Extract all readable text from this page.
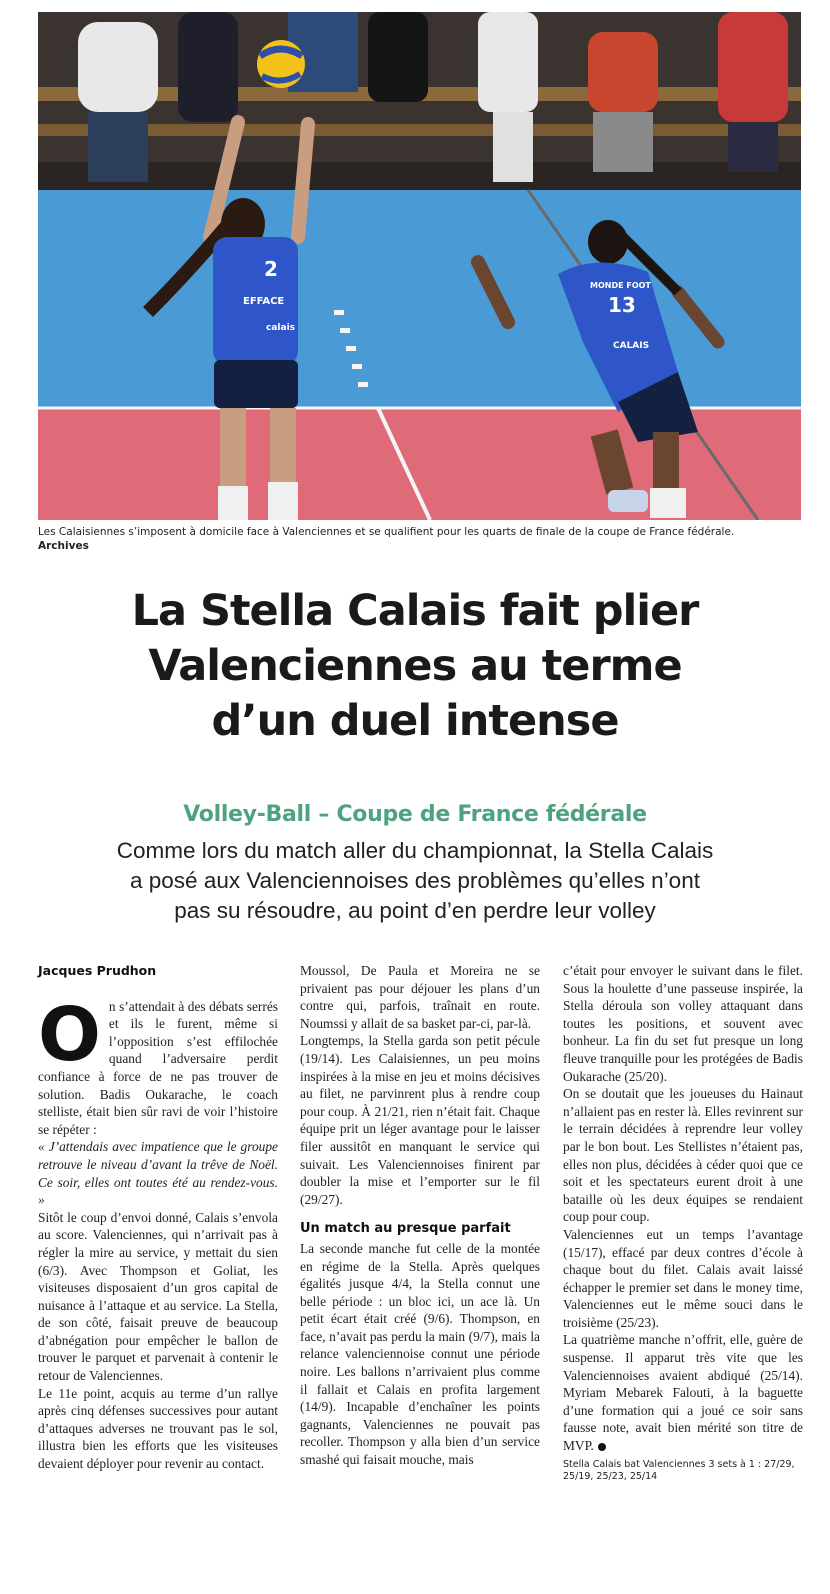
2
EFFACE
calais
MONDE FOOT
13
CALAIS
Les Calaisiennes s’imposent à domicile face à Valenciennes et se qualifient pour les quarts de finale de la coupe de France fédérale.
Archives
La Stella Calais fait plier
Valenciennes au terme
d’un duel intense
Volley-Ball – Coupe de France fédérale
Comme lors du match aller du championnat, la Stella Calais
a posé aux Valenciennoises des problèmes qu’elles n’ont
pas su résoudre, au point d’en perdre leur volley

Jacques Prudhon

On s’attendait à des débats serrés et ils le furent, même si l’opposition s’est effilochée quand l’adversaire perdit confiance à force de ne pas trouver de solution. Badis Oukarache, le coach stelliste, était bien sûr ravi de voir l’histoire se répéter :

« J’attendais avec impatience que le groupe retrouve le niveau d’avant la trêve de Noël. Ce soir, elles ont toutes été au rendez-vous. »

Sitôt le coup d’envoi donné, Calais s’envola au score. Valenciennes, qui n’arrivait pas à régler la mire au service, y mettait du sien (6/3). Avec Thompson et Goliat, les visiteuses disposaient d’un gros capital de nuisance à l’attaque et au service. La Stella, de son côté, faisait preuve de beaucoup d’abnégation pour empêcher le ballon de trouver le parquet et parvenait à contenir le retour de Valenciennes.

Le 11e point, acquis au terme d’un rallye après cinq défenses successives pour autant d’attaques adverses ne trouvant pas le sol, illustra bien les efforts que les visiteuses devaient déployer pour revenir au contact.

Moussol, De Paula et Moreira ne se privaient pas pour déjouer les plans d’un contre qui, parfois, traînait en route. Noumssi y allait de sa basket par-ci, par-là.

Longtemps, la Stella garda son petit pécule (19/14). Les Calaisiennes, un peu moins inspirées à la mise en jeu et moins décisives au filet, ne parvinrent plus à rendre coup pour coup. À 21/21, rien n’était fait. Chaque équipe prit un léger avantage pour le laisser filer aussitôt en manquant le service qui suivait. Les Valenciennoises finirent par doubler la mise et l’emporter sur le fil (29/27).

Un match au presque parfait

La seconde manche fut celle de la montée en régime de la Stella. Après quelques égalités jusque 4/4, la Stella connut une belle période : un bloc ici, un ace là. Un petit écart était créé (9/6). Thompson, en face, n’avait pas perdu la main (9/7), mais la relance valenciennoise connut une période noire. Les ballons n’arrivaient plus comme il fallait et Calais en profita largement (14/9). Incapable d’enchaîner les points gagnants, Valenciennes ne pouvait pas recoller. Thompson y alla bien d’un service smashé qui faisait mouche, mais

c’était pour envoyer le suivant dans le filet. Sous la houlette d’une passeuse inspirée, la Stella déroula son volley attaquant dans toutes les positions, et souvent avec bonheur. La fin du set fut presque un long fleuve tranquille pour les protégées de Badis Oukarache (25/20).

On se doutait que les joueuses du Hainaut n’allaient pas en rester là. Elles revinrent sur le terrain décidées à reprendre leur volley par le bon bout. Les Stellistes n’étaient pas, elles non plus, décidées à céder quoi que ce soit et les spectateurs eurent droit à une bataille où les deux équipes se rendaient coup pour coup.

Valenciennes eut un temps l’avantage (15/17), effacé par deux contres d’école à chaque bout du filet. Calais avait laissé échapper le premier set dans le money time, Valenciennes eut le même souci dans le troisième (25/23).

La quatrième manche n’offrit, elle, guère de suspense. Il apparut très vite que les Valenciennoises avaient abdiqué (25/14). Myriam Mebarek Falouti, à la baguette d’une formation qui a joué ce soir sans fausse note, avait bien mérité son titre de MVP.

Stella Calais bat Valenciennes 3 sets à 1 : 27/29, 25/19, 25/23, 25/14
